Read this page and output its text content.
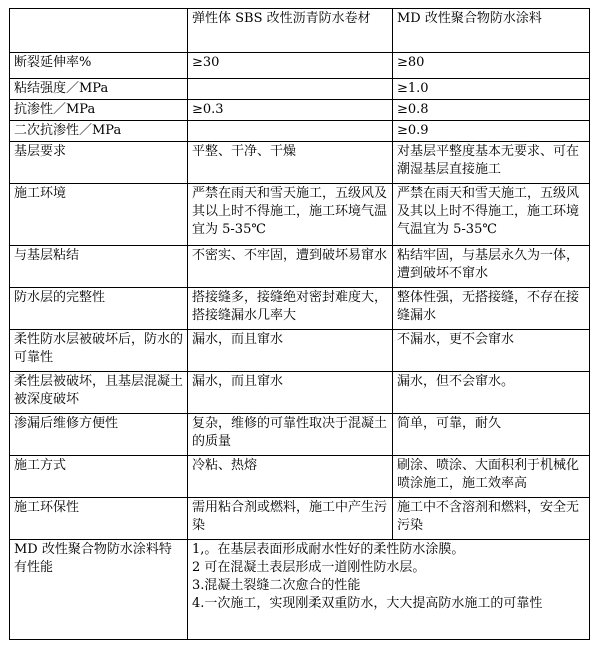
	弹性体 SBS 改性沥青防水卷材	MD 改性聚合物防水涂料
断裂延伸率%	≥30	≥80
粘结强度／MPa		≥1.0
抗渗性／MPa	≥0.3	≥0.8
二次抗渗性／MPa		≥0.9
基层要求	平整、干净、干燥	对基层平整度基本无要求、可在潮湿基层直接施工
施工环境	严禁在雨天和雪天施工，五级风及其以上时不得施工，施工环境气温宜为 5-35℃	严禁在雨天和雪天施工，五级风及其以上时不得施工，施工环境气温宜为 5-35℃
与基层粘结	不密实、不牢固，遭到破坏易窜水	粘结牢固，与基层永久为一体，遭到破坏不窜水
防水层的完整性	搭接缝多，接缝绝对密封难度大，搭接缝漏水几率大	整体性强，无搭接缝，不存在接缝漏水
柔性防水层被破坏后，防水的可靠性	漏水，而且窜水	不漏水，更不会窜水
柔性层被破坏，且基层混凝土被深度破坏	漏水，而且窜水	漏水，但不会窜水。
渗漏后维修方便性	复杂，维修的可靠性取决于混凝土的质量	简单，可靠，耐久
施工方式	冷粘、热熔	刷涂、喷涂、大面积利于机械化喷涂施工，施工效率高
施工环保性	需用粘合剂或燃料，施工中产生污染	施工中不含溶剂和燃料，安全无污染
MD 改性聚合物防水涂料特有性能	1,。在基层表面形成耐水性好的柔性防水涂膜。
2 可在混凝土表层形成一道刚性防水层。
3.混凝土裂缝二次愈合的性能
4.一次施工，实现刚柔双重防水，大大提高防水施工的可靠性	
